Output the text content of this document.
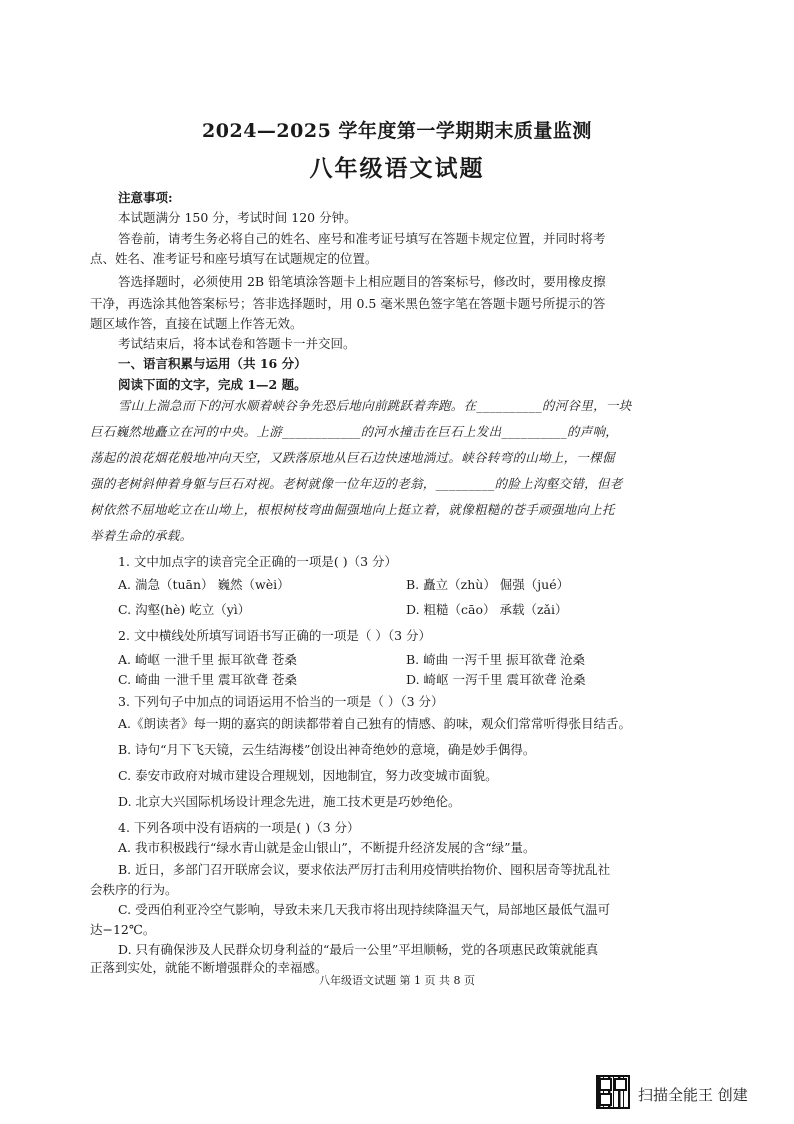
2024—2025 学年度第一学期期末质量监测
八年级语文试题
注意事项:
本试题满分 150 分，考试时间 120 分钟。
答卷前，请考生务必将自己的姓名、座号和准考证号填写在答题卡规定位置，并同时将考
点、姓名、准考证号和座号填写在试题规定的位置。
答选择题时，必须使用 2B 铅笔填涂答题卡上相应题目的答案标号，修改时，要用橡皮擦
干净，再选涂其他答案标号；答非选择题时，用 0.5 毫米黑色签字笔在答题卡题号所提示的答
题区域作答，直接在试题上作答无效。
考试结束后，将本试卷和答题卡一并交回。
一、语言积累与运用（共 16 分）
阅读下面的文字，完成 1—2 题。
雪山上湍急而下的河水顺着峡谷争先恐后地向前跳跃着奔跑。在__________的河谷里，一块
巨石巍然地矗立在河的中央。上游____________的河水撞击在巨石上发出__________的声响，
荡起的浪花烟花般地冲向天空，又跌落原地从巨石边快速地淌过。峡谷转弯的山坳上，一棵倔
强的老树斜伸着身躯与巨石对视。老树就像一位年迈的老翁，_________的脸上沟壑交错，但老
树依然不屈地屹立在山坳上，根根树枝弯曲倔强地向上挺立着，就像粗糙的苍手顽强地向上托
举着生命的承载。
1. 文中加点字的读音完全正确的一项是( )（3 分）
A. 湍急（tuān） 巍然（wèi）	B. 矗立（zhù） 倔强（jué）
C. 沟壑(hè) 屹立（yì）	D. 粗糙（cāo） 承载（zǎi）
2. 文中横线处所填写词语书写正确的一项是（ ）（3 分）
A. 崎岖 一泄千里 振耳欲聋 苍桑	B. 崎曲 一泻千里 振耳欲聋 沧桑
C. 崎曲 一泄千里 震耳欲聋 苍桑	D. 崎岖 一泻千里 震耳欲聋 沧桑
3. 下列句子中加点的词语运用不恰当的一项是（ ）（3 分）
A.《朗读者》每一期的嘉宾的朗读都带着自己独有的情感、韵味，观众们常常听得张目结舌。
B. 诗句“月下飞天镜，云生结海楼”创设出神奇绝妙的意境，确是妙手偶得。
C. 泰安市政府对城市建设合理规划，因地制宜，努力改变城市面貌。
D. 北京大兴国际机场设计理念先进，施工技术更是巧妙绝伦。
4. 下列各项中没有语病的一项是( )（3 分）
A. 我市积极践行“绿水青山就是金山银山”，不断提升经济发展的含“绿”量。
B. 近日，多部门召开联席会议，要求依法严厉打击利用疫情哄抬物价、囤积居奇等扰乱社
会秩序的行为。
C. 受西伯利亚冷空气影响，导致未来几天我市将出现持续降温天气，局部地区最低气温可
达−12℃。
D. 只有确保涉及人民群众切身利益的“最后一公里”平坦顺畅，党的各项惠民政策就能真
正落到实处，就能不断增强群众的幸福感。
八年级语文试题 第 1 页 共 8 页
扫描全能王 创建
